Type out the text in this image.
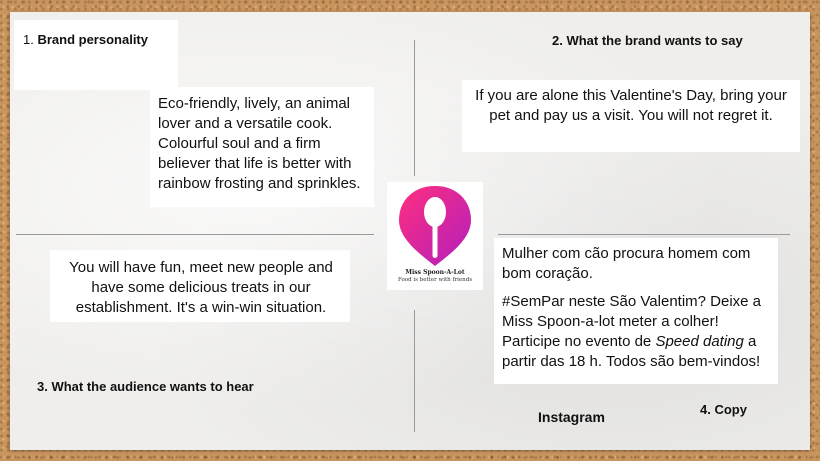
1. Brand personality
Eco-friendly, lively, an animal lover and a versatile cook. Colourful soul and a firm believer that life is better with rainbow frosting and sprinkles.
2. What the brand wants to say
If you are alone this Valentine's Day, bring your pet and pay us a visit. You will not regret it.
You will have fun, meet new people and have some delicious treats in our establishment. It's a win-win situation.
3. What the audience wants to hear
Mulher com cão procura homem com bom coração.
#SemPar neste São Valentim? Deixe a Miss Spoon-a-lot meter a colher! Participe no evento de Speed dating a partir das 18 h. Todos são bem-vindos!
4. Copy
Instagram
Miss Spoon-A-Lot
Food is better with friends
